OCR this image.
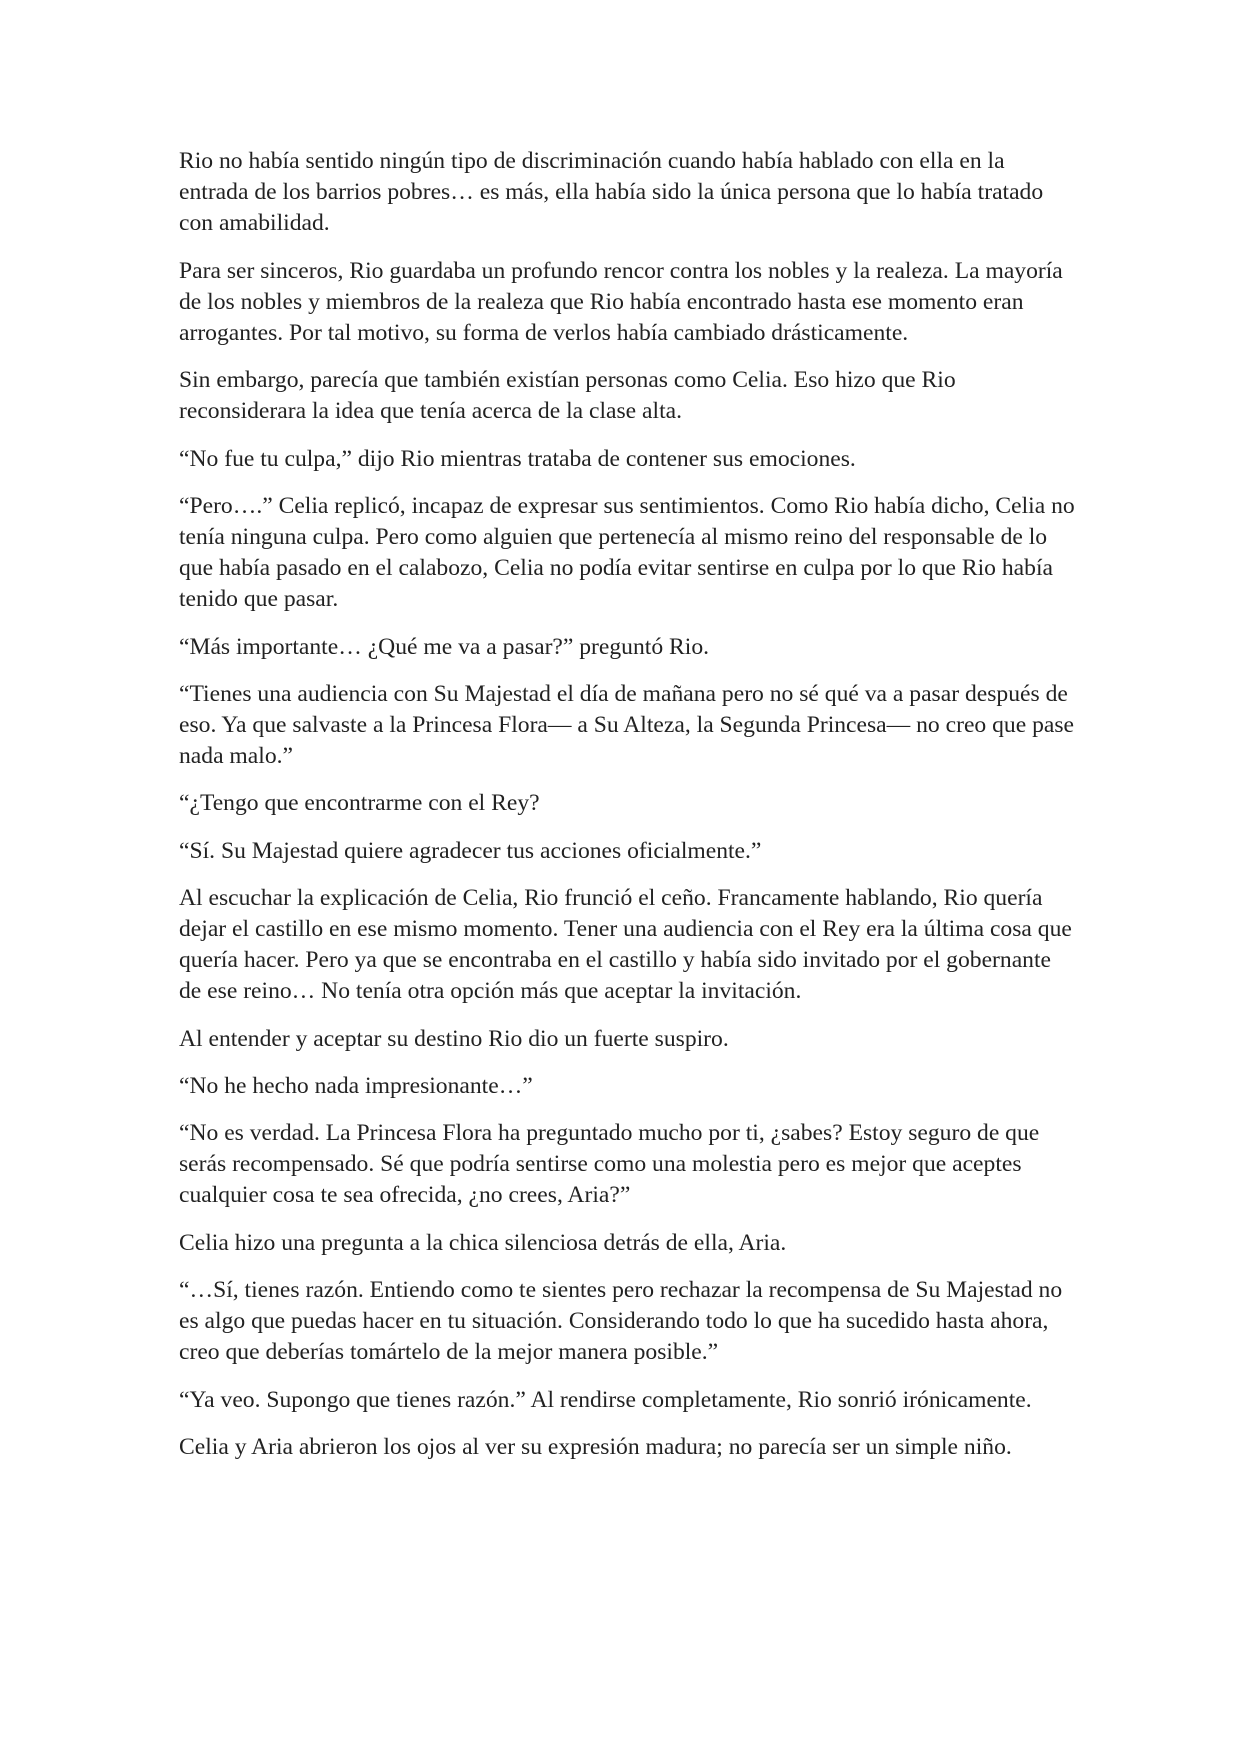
Rio no había sentido ningún tipo de discriminación cuando había hablado con ella en la entrada de los barrios pobres… es más, ella había sido la única persona que lo había tratado con amabilidad.

Para ser sinceros, Rio guardaba un profundo rencor contra los nobles y la realeza. La mayoría de los nobles y miembros de la realeza que Rio había encontrado hasta ese momento eran arrogantes. Por tal motivo, su forma de verlos había cambiado drásticamente.

Sin embargo, parecía que también existían personas como Celia. Eso hizo que Rio reconsiderara la idea que tenía acerca de la clase alta.

“No fue tu culpa,” dijo Rio mientras trataba de contener sus emociones.

“Pero….” Celia replicó, incapaz de expresar sus sentimientos. Como Rio había dicho, Celia no tenía ninguna culpa. Pero como alguien que pertenecía al mismo reino del responsable de lo que había pasado en el calabozo, Celia no podía evitar sentirse en culpa por lo que Rio había tenido que pasar.

“Más importante… ¿Qué me va a pasar?” preguntó Rio.

“Tienes una audiencia con Su Majestad el día de mañana pero no sé qué va a pasar después de eso. Ya que salvaste a la Princesa Flora— a Su Alteza, la Segunda Princesa— no creo que pase nada malo.”

“¿Tengo que encontrarme con el Rey?

“Sí. Su Majestad quiere agradecer tus acciones oficialmente.”

Al escuchar la explicación de Celia, Rio frunció el ceño. Francamente hablando, Rio quería dejar el castillo en ese mismo momento. Tener una audiencia con el Rey era la última cosa que quería hacer. Pero ya que se encontraba en el castillo y había sido invitado por el gobernante de ese reino… No tenía otra opción más que aceptar la invitación.

Al entender y aceptar su destino Rio dio un fuerte suspiro.

“No he hecho nada impresionante…”

“No es verdad. La Princesa Flora ha preguntado mucho por ti, ¿sabes? Estoy seguro de que serás recompensado. Sé que podría sentirse como una molestia pero es mejor que aceptes cualquier cosa te sea ofrecida, ¿no crees, Aria?”

Celia hizo una pregunta a la chica silenciosa detrás de ella, Aria.

“…Sí, tienes razón. Entiendo como te sientes pero rechazar la recompensa de Su Majestad no es algo que puedas hacer en tu situación. Considerando todo lo que ha sucedido hasta ahora, creo que deberías tomártelo de la mejor manera posible.”

“Ya veo. Supongo que tienes razón.” Al rendirse completamente, Rio sonrió irónicamente.

Celia y Aria abrieron los ojos al ver su expresión madura; no parecía ser un simple niño.
